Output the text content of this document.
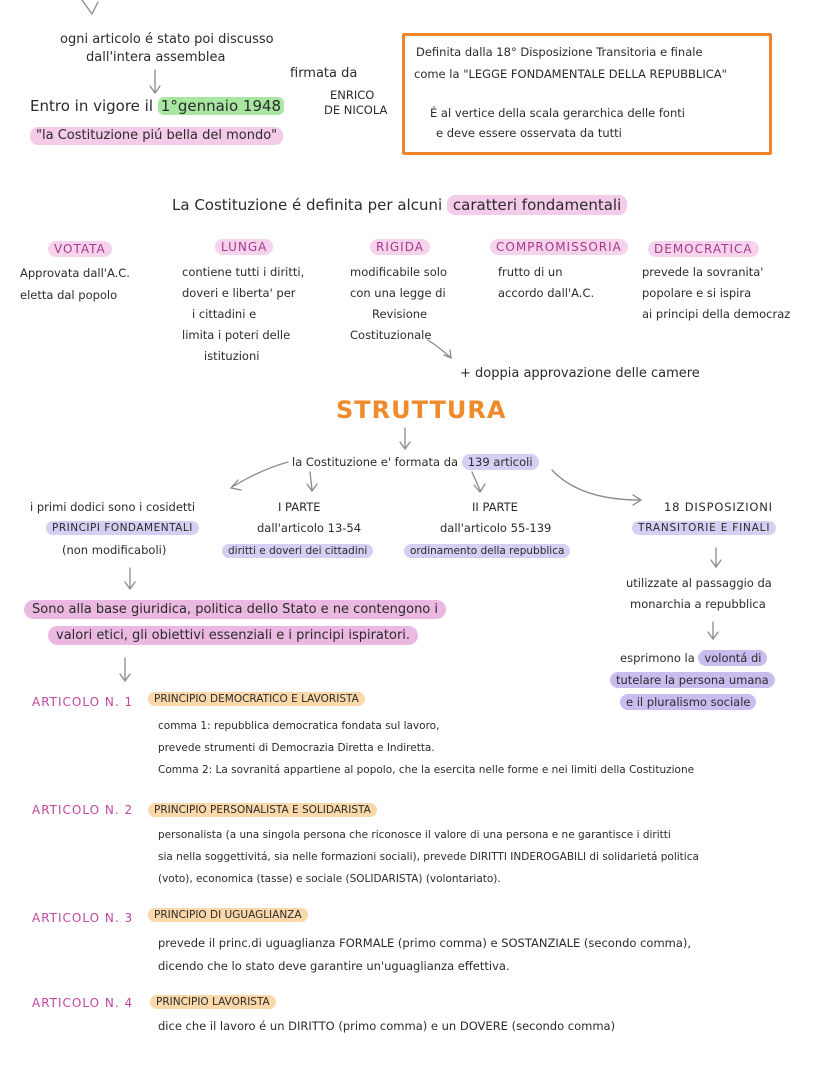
ogni articolo é stato poi discusso
dall'intera assemblea
firmata da
ENRICO
DE NICOLA
Entro in vigore il 1°gennaio 1948
"la Costituzione piú bella del mondo"
Definita dalla 18° Disposizione Transitoria e finale
come la "LEGGE FONDAMENTALE DELLA REPUBBLICA"
É al vertice della scala gerarchica delle fonti
e deve essere osservata da tutti
La Costituzione é definita per alcuni caratteri fondamentali
VOTATA
Approvata dall'A.C.
eletta dal popolo
LUNGA
contiene tutti i diritti,
doveri e liberta' per
i cittadini e
limita i poteri delle
istituzioni
RIGIDA
modificabile solo
con una legge di
Revisione
Costituzionale
COMPROMISSORIA
frutto di un
accordo dall'A.C.
DEMOCRATICA
prevede la sovranita'
popolare e si ispira
ai principi della democraz
+ doppia approvazione delle camere
STRUTTURA
la Costituzione e' formata da 139 articoli
i primi dodici sono i cosidetti
PRINCIPI FONDAMENTALI
(non modificaboli)
I PARTE
dall'articolo 13-54
diritti e doveri dei cittadini
II PARTE
dall'articolo 55-139
ordinamento della repubblica
18 DISPOSIZIONI
TRANSITORIE E FINALI
Sono alla base giuridica, politica dello Stato e ne contengono i
valori etici, gli obiettivi essenziali e i principi ispiratori.
utilizzate al passaggio da
monarchia a repubblica
esprimono la volontá di
tutelare la persona umana
e il pluralismo sociale
ARTICOLO N. 1	PRINCIPIO DEMOCRATICO E LAVORISTA
comma 1: repubblica democratica fondata sul lavoro,
prevede strumenti di Democrazia Diretta e Indiretta.
Comma 2: La sovranitá appartiene al popolo, che la esercita nelle forme e nei limiti della Costituzione
ARTICOLO N. 2	PRINCIPIO PERSONALISTA E SOLIDARISTA
personalista (a una singola persona che riconosce il valore di una persona e ne garantisce i diritti
sia nella soggettivitá, sia nelle formazioni sociali), prevede DIRITTI INDEROGABILI di solidarietá politica
(voto), economica (tasse) e sociale (SOLIDARISTA) (volontariato).
ARTICOLO N. 3	PRINCIPIO DI UGUAGLIANZA
prevede il princ.di uguaglianza FORMALE (primo comma) e SOSTANZIALE (secondo comma),
dicendo che lo stato deve garantire un'uguaglianza effettiva.
ARTICOLO N. 4	PRINCIPIO LAVORISTA
dice che il lavoro é un DIRITTO (primo comma) e un DOVERE (secondo comma)
